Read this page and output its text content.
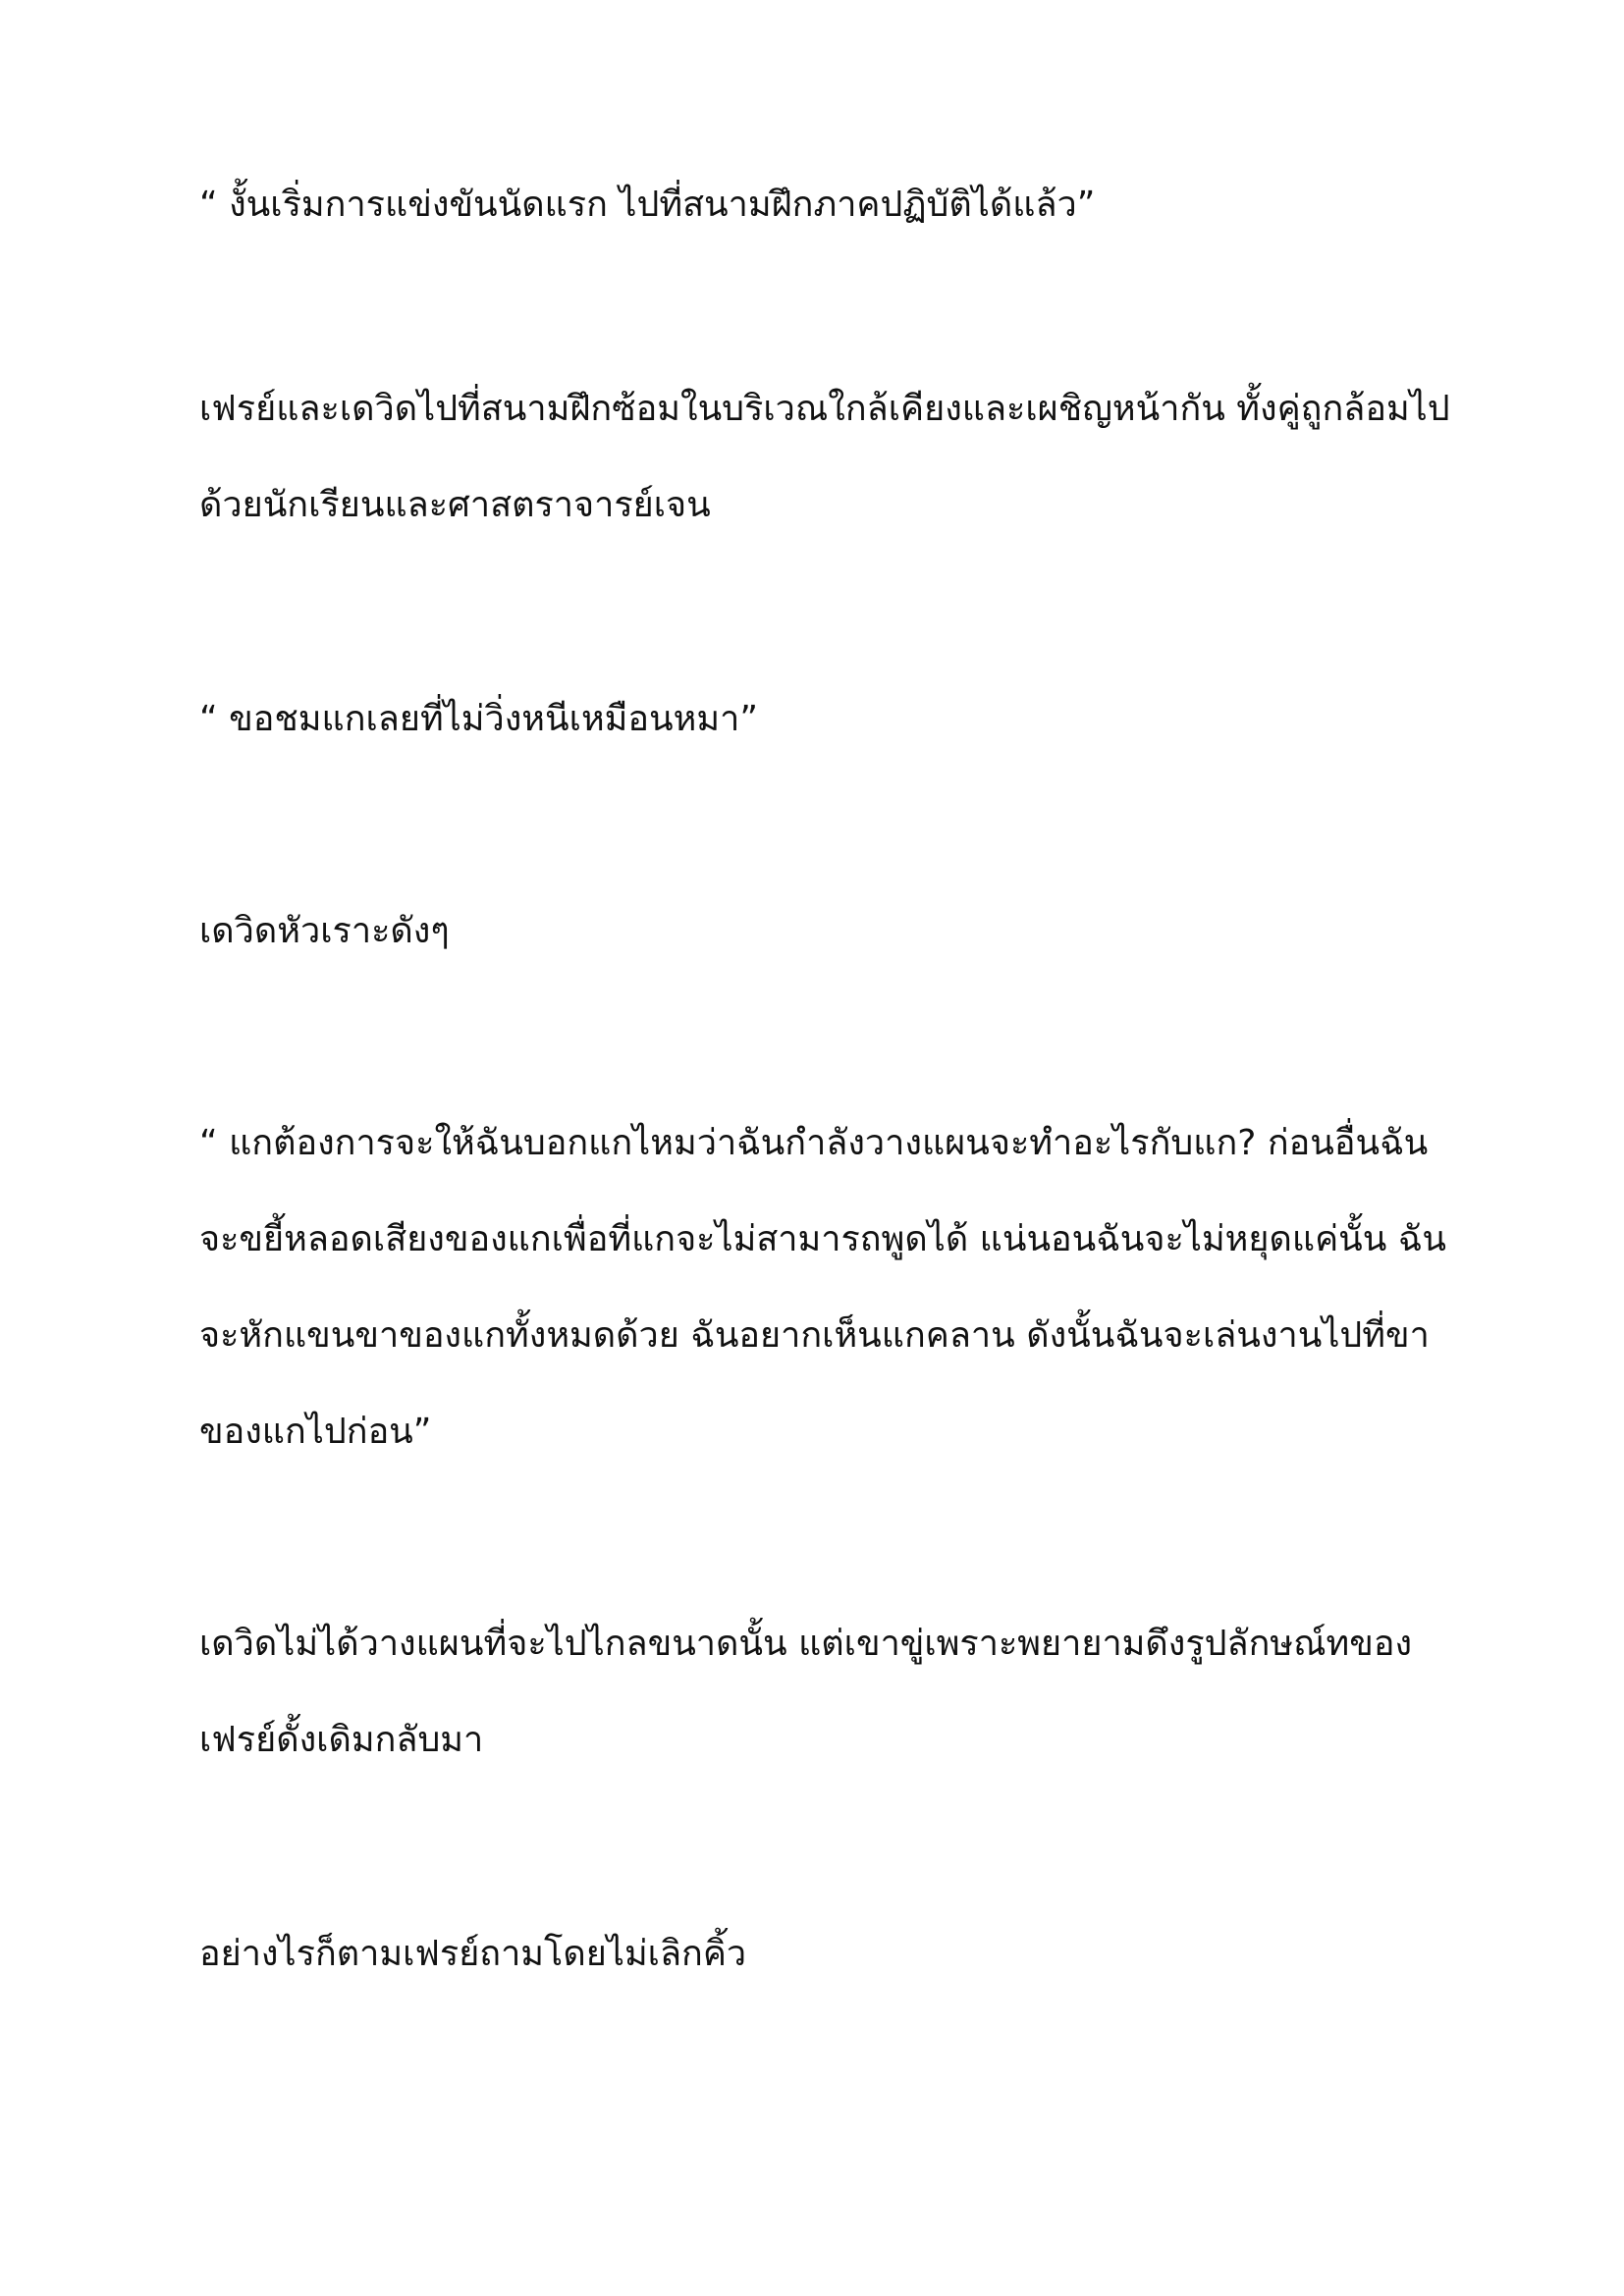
“ งั้นเริ่มการแข่งขันนัดแรก ไปที่สนามฝึกภาคปฏิบัติได้แล้ว”

เฟรย์และเดวิดไปที่สนามฝึกซ้อมในบริเวณใกล้เคียงและเผชิญหน้ากัน ทั้งคู่ถูกล้อมไป
ด้วยนักเรียนและศาสตราจารย์เจน

“ ขอชมแกเลยที่ไม่วิ่งหนีเหมือนหมา”

เดวิดหัวเราะดังๆ

“ แกต้องการจะให้ฉันบอกแกไหมว่าฉันกำลังวางแผนจะทำอะไรกับแก? ก่อนอื่นฉัน
จะขยี้หลอดเสียงของแกเพื่อที่แกจะไม่สามารถพูดได้ แน่นอนฉันจะไม่หยุดแค่นั้น ฉัน
จะหักแขนขาของแกทั้งหมดด้วย ฉันอยากเห็นแกคลาน ดังนั้นฉันจะเล่นงานไปที่ขา
ของแกไปก่อน”

เดวิดไม่ได้วางแผนที่จะไปไกลขนาดนั้น แต่เขาขู่เพราะพยายามดึงรูปลักษณ์ทของ
เฟรย์ดั้งเดิมกลับมา

อย่างไรก็ตามเฟรย์ถามโดยไม่เลิกคิ้ว
